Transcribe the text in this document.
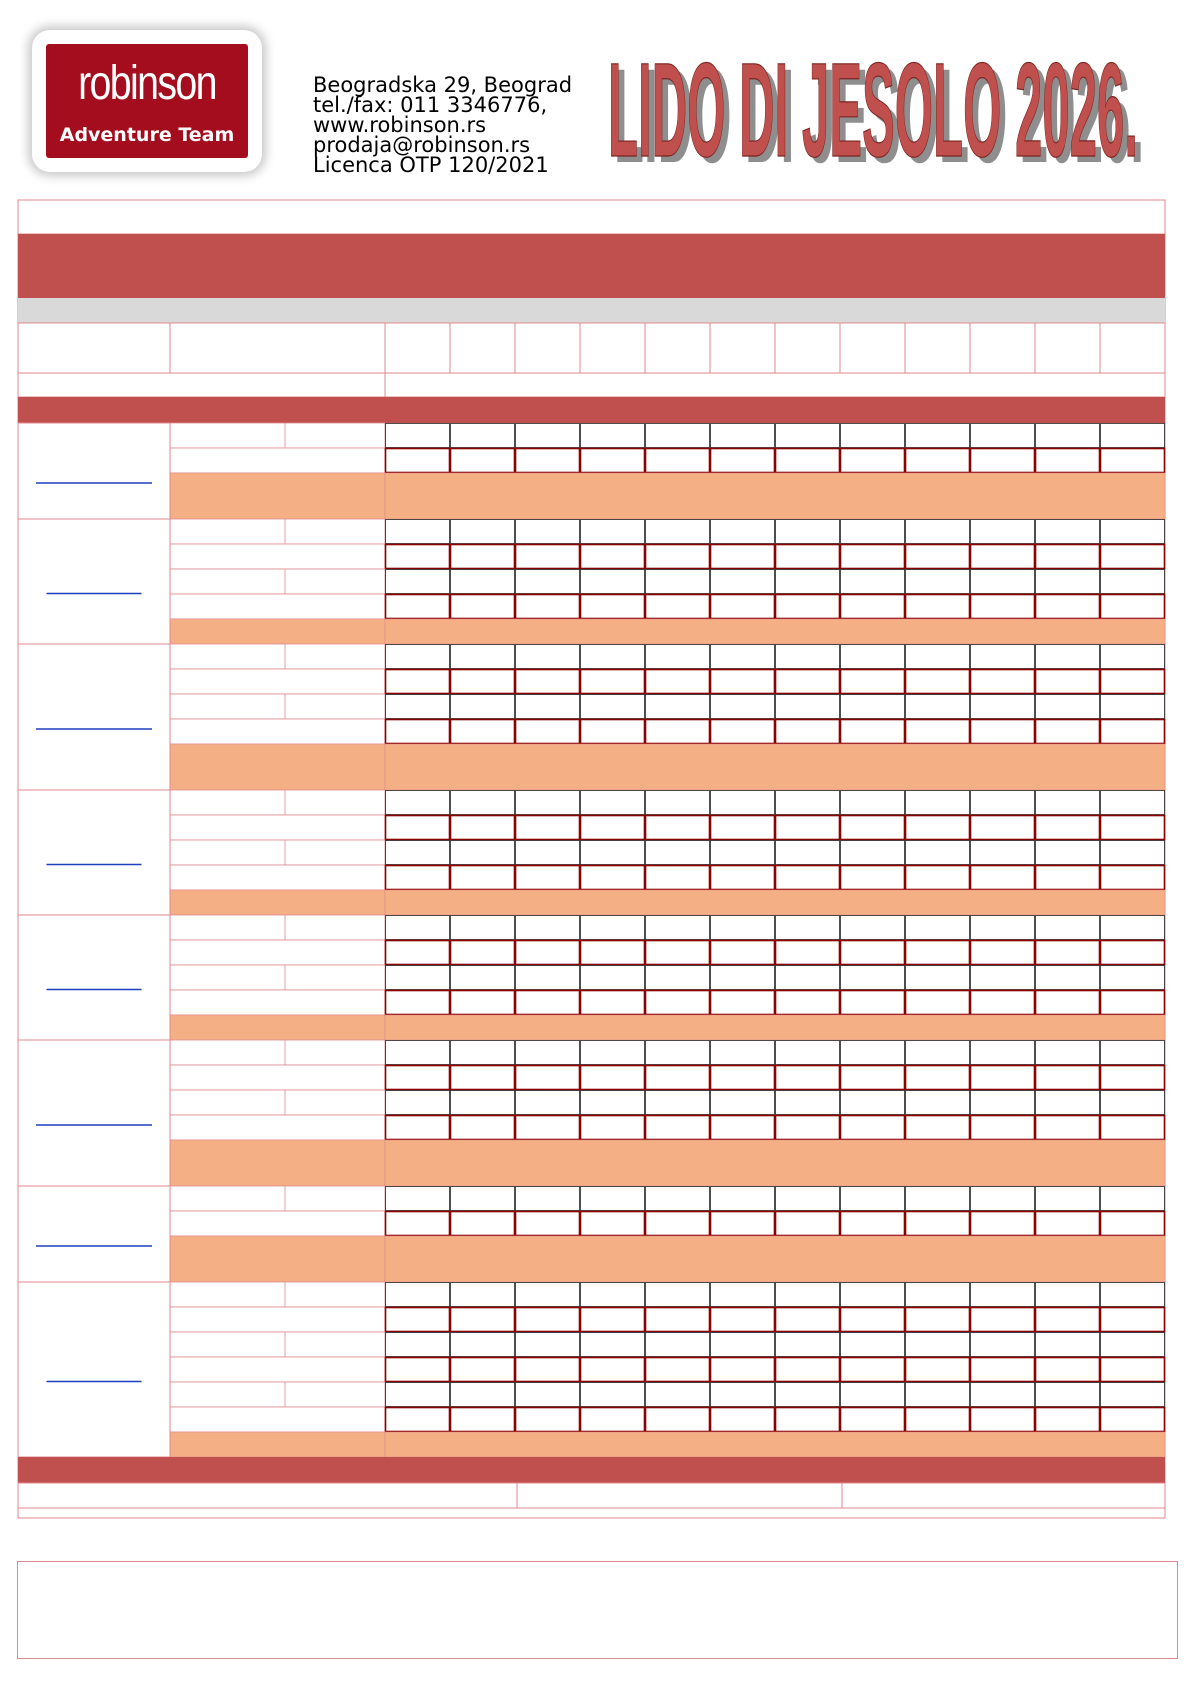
robinson
Adventure Team
Beogradska 29, Beograd
tel./fax: 011 3346776,
www.robinson.rs
prodaja@robinson.rs
Licenca OTP 120/2021 LIDO DI JESOLO 2026.
LIDO DI JESOLO 2026.
